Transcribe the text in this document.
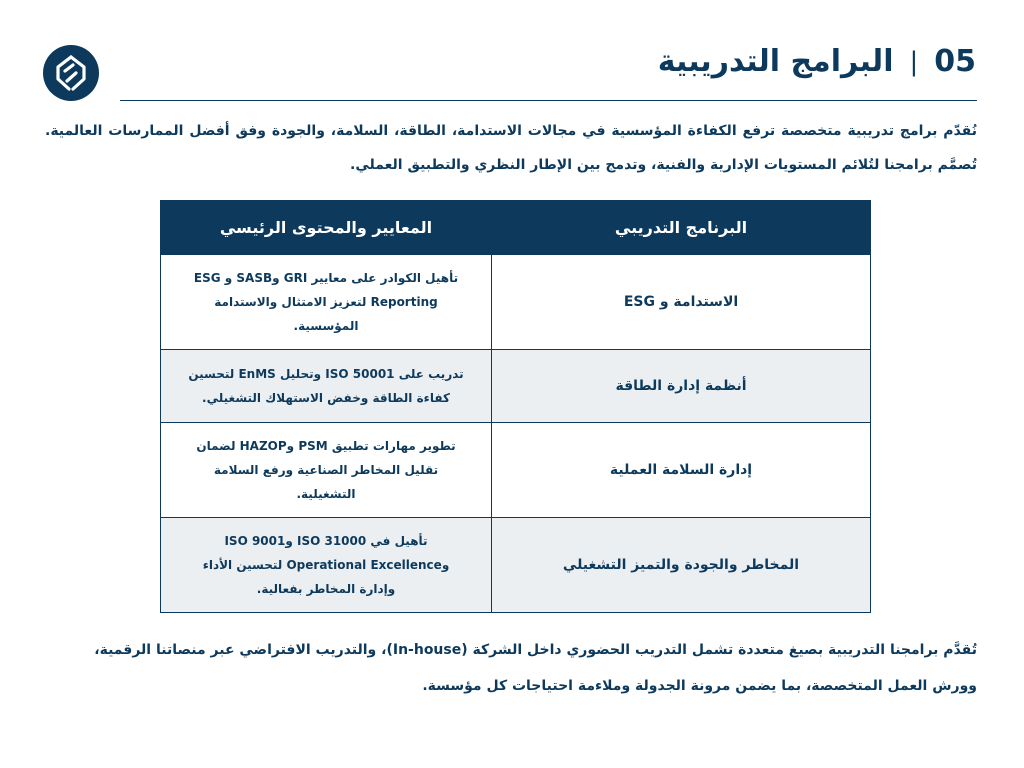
05
|
البرامج التدريبية

نُقدّم برامج تدريبية متخصصة ترفع الكفاءة المؤسسية في مجالات الاستدامة، الطاقة، السلامة، والجودة وفق أفضل الممارسات العالمية. تُصمَّم برامجنا لتُلائم المستويات الإدارية والفنية، وتدمج بين الإطار النظري والتطبيق العملي.

البرنامج التدريبي	المعايير والمحتوى الرئيسي
الاستدامة و ESG	تأهيل الكوادر على معايير GRI وSASB و ESG Reporting لتعزيز الامتثال والاستدامة المؤسسية.
أنظمة إدارة الطاقة	تدريب على ISO 50001 وتحليل EnMS لتحسين كفاءة الطاقة وخفض الاستهلاك التشغيلي.
إدارة السلامة العملية	تطوير مهارات تطبيق PSM وHAZOP لضمان تقليل المخاطر الصناعية ورفع السلامة التشغيلية.
المخاطر والجودة والتميز التشغيلي	تأهيل في ISO 31000 وISO 9001 وOperational Excellence لتحسين الأداء وإدارة المخاطر بفعالية.

تُقدَّم برامجنا التدريبية بصيغ متعددة تشمل التدريب الحضوري داخل الشركة (In-house)، والتدريب الافتراضي عبر منصاتنا الرقمية، وورش العمل المتخصصة، بما يضمن مرونة الجدولة وملاءمة احتياجات كل مؤسسة.
